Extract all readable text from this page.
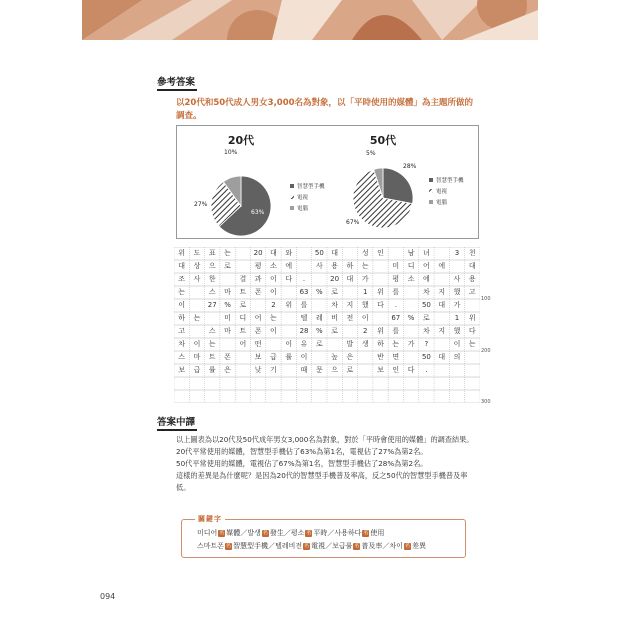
參考答案
以20代和50代成人男女3,000名為對象，以「平時使用的媒體」為主題所做的調查。
20代
63%
27%
10%
智慧型手機
電視
電腦
50代
28%
67%
5%
智慧型手機
電視
電腦
위	도	표	는	20	대	와	50	대	성	인	남	녀	3	천
대	상	으	로	평	소	에	사	용	하	는	미	디	어	에	대
조	사	한	결	과	이	다	.	20	대	가	평	소	에	사	용
는	스	마	트	폰	이	63	%	로	1	위	를	차	지	했	고
이	27	%	로	2	위	를	차	지	했	다	.	50	대	가
하	는	미	디	어	는	텔	레	비	전	이	67	%	로	1	위
고	스	마	트	폰	이	28	%	로	2	위	를	차	지	했	다
차	이	는	어	떤	이	유	로	발	생	하	는	가	?	이	는
스	마	트	폰	보	급	률	이	높	은	반	면	50	대	의
보	급	률	은	낮	기	때	문	으	로	보	인	다	.
100
200
300
答案中譯

以上圖表為以20代及50代成年男女3,000名為對象，對於「平時會使用的媒體」的調查結果。20代平常使用的媒體，智慧型手機佔了63%為第1名，電視佔了27%為第2名。

50代平常使用的媒體，電視佔了67%為第1名，智慧型手機佔了28%為第2名。

這樣的差異是為什麼呢？是因為20代的智慧型手機普及率高，反之50代的智慧型手機普及率低。

關鍵字
미디어 名 媒體／발생 名 發生／평소 名 平時／사용하다 名 使用
스마트폰 名 智慧型手機／텔레비전 名 電視／보급률 名 普及率／차이 名 差異
094
